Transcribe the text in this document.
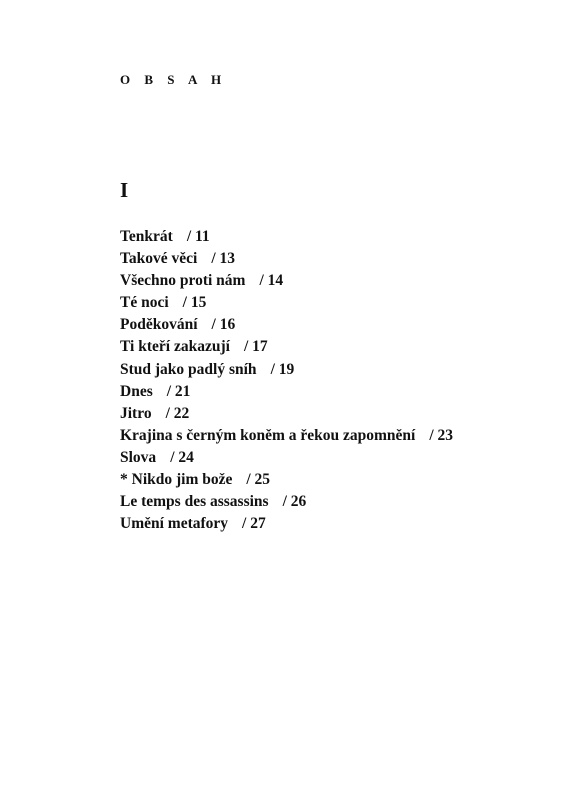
O B S A H
I
Tenkrát / 11
Takové věci / 13
Všechno proti nám / 14
Té noci / 15
Poděkování / 16
Ti kteří zakazují / 17
Stud jako padlý sníh / 19
Dnes / 21
Jitro / 22
Krajina s černým koněm a řekou zapomnění / 23
Slova / 24
* Nikdo jim bože / 25
Le temps des assassins / 26
Umění metafory / 27
